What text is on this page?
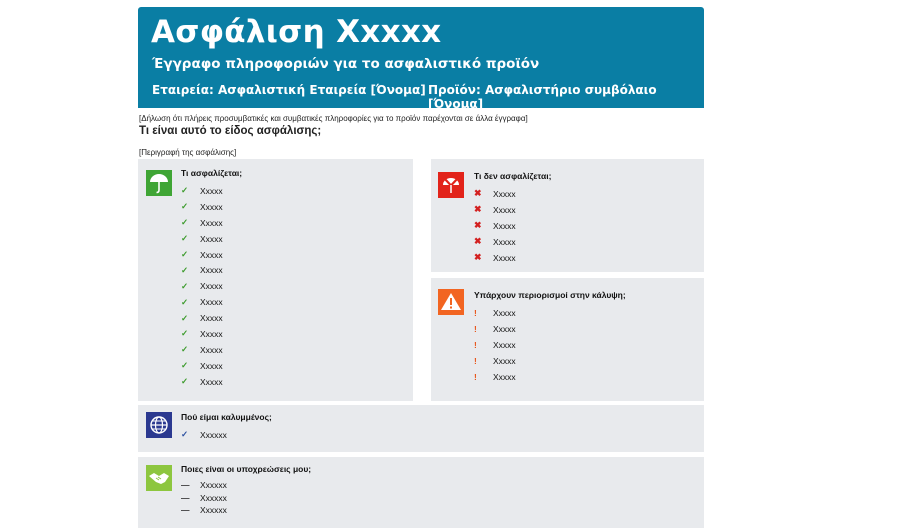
Ασφάλιση Xxxxx
Έγγραφο πληροφοριών για το ασφαλιστικό προϊόν
Εταιρεία: Ασφαλιστική Εταιρεία [Όνομα] Προϊόν: Ασφαλιστήριο συμβόλαιο [Όνομα]
[Δήλωση ότι πλήρεις προσυμβατικές και συμβατικές πληροφορίες για το προϊόν παρέχονται σε άλλα έγγραφα]
Τι είναι αυτό το είδος ασφάλισης;
[Περιγραφή της ασφάλισης]
Τι ασφαλίζεται;
✓	Xxxxx
✓	Xxxxx
✓	Xxxxx
✓	Xxxxx
✓	Xxxxx
✓	Xxxxx
✓	Xxxxx
✓	Xxxxx
✓	Xxxxx
✓	Xxxxx
✓	Xxxxx
✓	Xxxxx
✓	Xxxxx
Τι δεν ασφαλίζεται;
✖	Xxxxx
✖	Xxxxx
✖	Xxxxx
✖	Xxxxx
✖	Xxxxx
Υπάρχουν περιορισμοί στην κάλυψη;
!	Xxxxx
!	Xxxxx
!	Xxxxx
!	Xxxxx
!	Xxxxx
Πού είμαι καλυμμένος;
✓	Xxxxxx
Ποιες είναι οι υποχρεώσεις μου;
—	Xxxxxx
—	Xxxxxx
—	Xxxxxx
